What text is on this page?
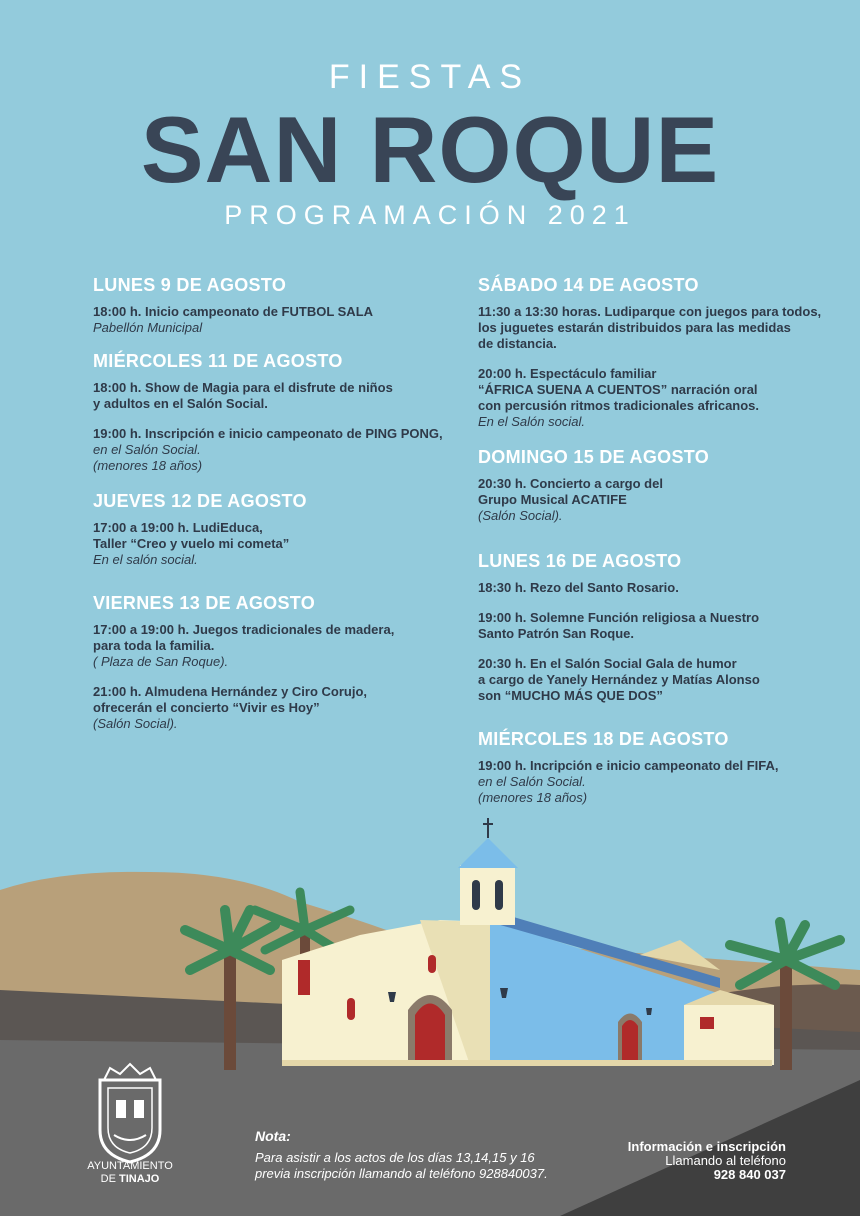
FIESTAS
SAN ROQUE
PROGRAMACIÓN 2021
LUNES 9 DE AGOSTO
18:00 h. Inicio campeonato de FUTBOL SALA
Pabellón Municipal
MIÉRCOLES 11 DE AGOSTO
18:00 h. Show de Magia para el disfrute de niños
y adultos en el Salón Social.
19:00 h. Inscripción e inicio campeonato de PING PONG,
en el Salón Social.
(menores 18 años)
JUEVES 12 DE AGOSTO
17:00 a 19:00 h. LudiEduca,
Taller “Creo y vuelo mi cometa”
En el salón social.
VIERNES 13 DE AGOSTO
17:00 a 19:00 h. Juegos tradicionales de madera,
para toda la familia.
( Plaza de San Roque).
21:00 h. Almudena Hernández y Ciro Corujo,
ofrecerán el concierto “Vivir es Hoy”
(Salón Social).
SÁBADO 14 DE AGOSTO
11:30 a 13:30 horas. Ludiparque con juegos para todos,
los juguetes estarán distribuidos para las medidas
de distancia.
20:00 h. Espectáculo familiar
“ÁFRICA SUENA A CUENTOS” narración oral
con percusión ritmos tradicionales africanos.
En el Salón social.
DOMINGO 15 DE AGOSTO
20:30 h. Concierto a cargo del
Grupo Musical ACATIFE
(Salón Social).
LUNES 16 DE AGOSTO
18:30 h. Rezo del Santo Rosario.
19:00 h. Solemne Función religiosa a Nuestro
Santo Patrón San Roque.
20:30 h. En el Salón Social Gala de humor
a cargo de Yanely Hernández y Matías Alonso
son “MUCHO MÁS QUE DOS”
MIÉRCOLES 18 DE AGOSTO
19:00 h. Incripción e inicio campeonato del FIFA,
en el Salón Social.
(menores 18 años)
AYUNTAMIENTO
DE TINAJO
Nota:
Para asistir a los actos de los días 13,14,15 y 16
previa inscripción llamando al teléfono 928840037.
Información e inscripción
Llamando al teléfono
928 840 037
